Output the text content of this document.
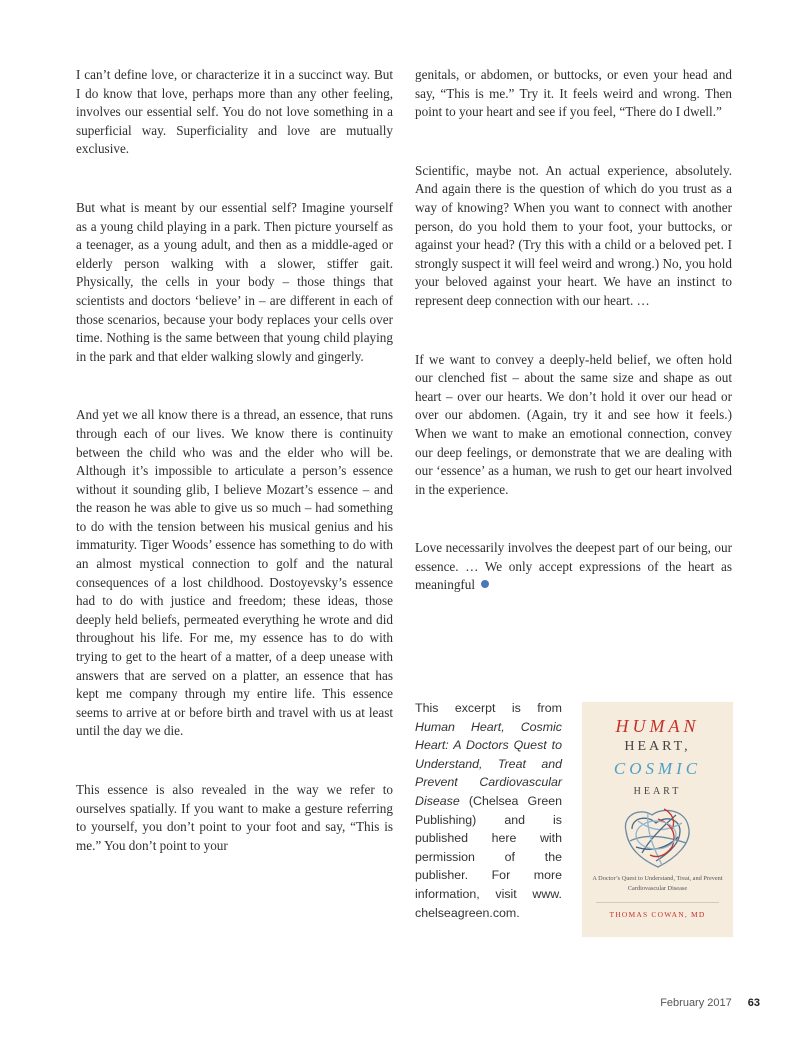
I can’t define love, or characterize it in a succinct way. But I do know that love, perhaps more than any other feeling, involves our essential self. You do not love something in a superficial way. Superficiality and love are mutually exclusive.

But what is meant by our essential self? Imagine yourself as a young child playing in a park. Then picture yourself as a teenager, as a young adult, and then as a middle-aged or elderly person walking with a slower, stiffer gait. Physically, the cells in your body – those things that scientists and doctors ‘believe’ in – are different in each of those scenarios, because your body replaces your cells over time. Nothing is the same between that young child playing in the park and that elder walking slowly and gingerly.

And yet we all know there is a thread, an essence, that runs through each of our lives. We know there is continuity between the child who was and the elder who will be. Although it’s impossible to articulate a person’s essence without it sounding glib, I believe Mozart’s essence – and the reason he was able to give us so much – had something to do with the tension between his musical genius and his immaturity. Tiger Woods’ essence has something to do with an almost mystical connection to golf and the natural consequences of a lost childhood. Dostoyevsky’s essence had to do with justice and freedom; these ideas, those deeply held beliefs, permeated everything he wrote and did throughout his life. For me, my essence has to do with trying to get to the heart of a matter, of a deep unease with answers that are served on a platter, an essence that has kept me company through my entire life. This essence seems to arrive at or before birth and travel with us at least until the day we die.

This essence is also revealed in the way we refer to ourselves spatially. If you want to make a gesture referring to yourself, you don’t point to your foot and say, “This is me.” You don’t point to your

genitals, or abdomen, or buttocks, or even your head and say, “This is me.” Try it. It feels weird and wrong. Then point to your heart and see if you feel, “There do I dwell.”

Scientific, maybe not. An actual experience, absolutely. And again there is the question of which do you trust as a way of knowing? When you want to connect with another person, do you hold them to your foot, your buttocks, or against your head? (Try this with a child or a beloved pet. I strongly suspect it will feel weird and wrong.) No, you hold your beloved against your heart. We have an instinct to represent deep connection with our heart. …

If we want to convey a deeply-held belief, we often hold our clenched fist – about the same size and shape as out heart – over our hearts. We don’t hold it over our head or over our abdomen. (Again, try it and see how it feels.) When we want to make an emotional connection, convey our deep feelings, or demonstrate that we are dealing with our ‘essence’ as a human, we rush to get our heart involved in the experience.

Love necessarily involves the deepest part of our being, our essence. … We only accept expressions of the heart as meaningful

This excerpt is from Human Heart, Cosmic Heart: A Doctors Quest to Understand, Treat and Prevent Cardiovascular Disease (Chelsea Green Publishing) and is published here with permission of the publisher. For more information, visit www. chelseagreen.com.
HUMAN
HEART,
COSMIC
HEART
A Doctor’s Quest to Understand, Treat, and Prevent Cardiovascular Disease
THOMAS COWAN, MD
February 2017 63
